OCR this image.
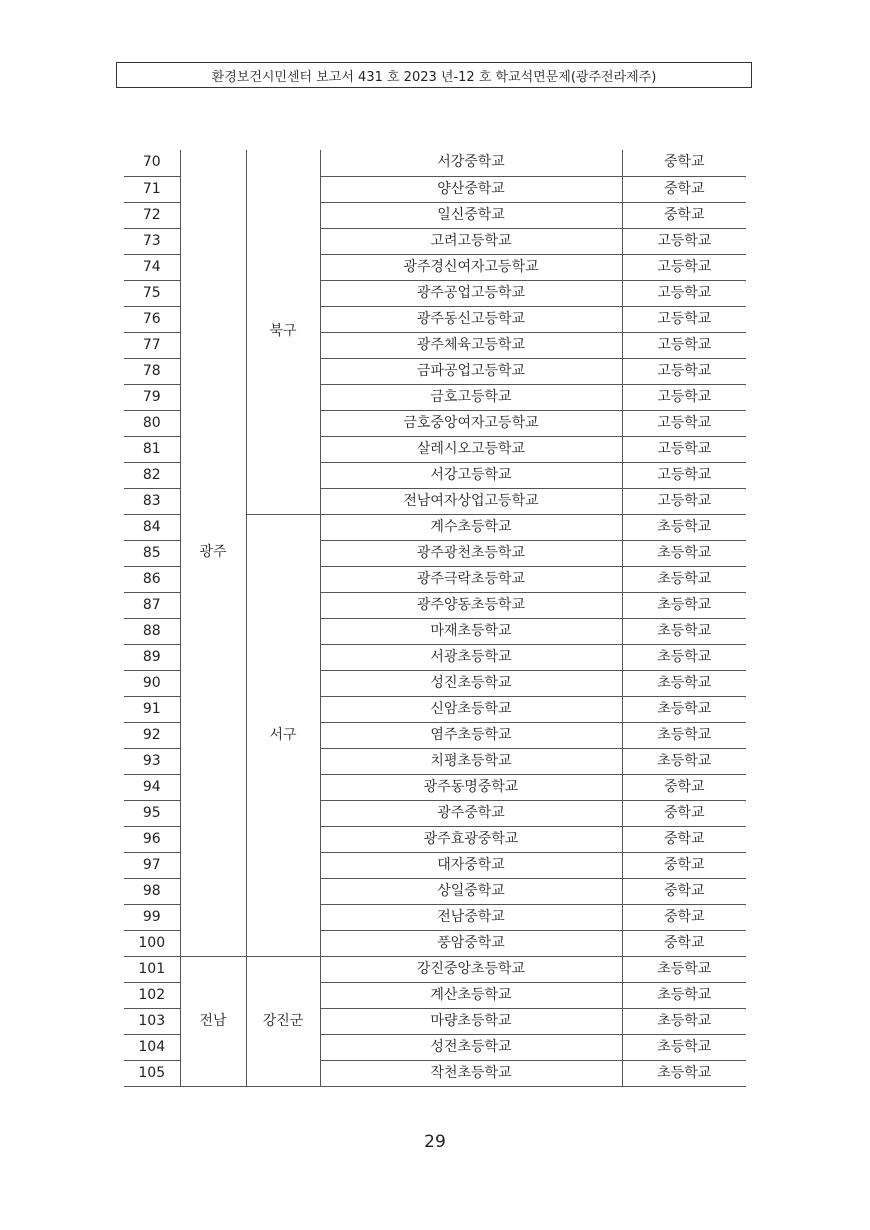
환경보건시민센터 보고서 431 호 2023 년-12 호 학교석면문제(광주전라제주)
70	광주	북구	서강중학교	중학교
71			양산중학교	중학교
72			일신중학교	중학교
73			고려고등학교	고등학교
74			광주경신여자고등학교	고등학교
75			광주공업고등학교	고등학교
76			광주동신고등학교	고등학교
77			광주체육고등학교	고등학교
78			금파공업고등학교	고등학교
79			금호고등학교	고등학교
80			금호중앙여자고등학교	고등학교
81			살레시오고등학교	고등학교
82			서강고등학교	고등학교
83			전남여자상업고등학교	고등학교
84		서구	계수초등학교	초등학교
85			광주광천초등학교	초등학교
86			광주극락초등학교	초등학교
87			광주양동초등학교	초등학교
88			마재초등학교	초등학교
89			서광초등학교	초등학교
90			성진초등학교	초등학교
91			신암초등학교	초등학교
92			염주초등학교	초등학교
93			치평초등학교	초등학교
94			광주동명중학교	중학교
95			광주중학교	중학교
96			광주효광중학교	중학교
97			대자중학교	중학교
98			상일중학교	중학교
99			전남중학교	중학교
100			풍암중학교	중학교
101	전남	강진군	강진중앙초등학교	초등학교
102			계산초등학교	초등학교
103			마량초등학교	초등학교
104			성전초등학교	초등학교
105			작천초등학교	초등학교
29
